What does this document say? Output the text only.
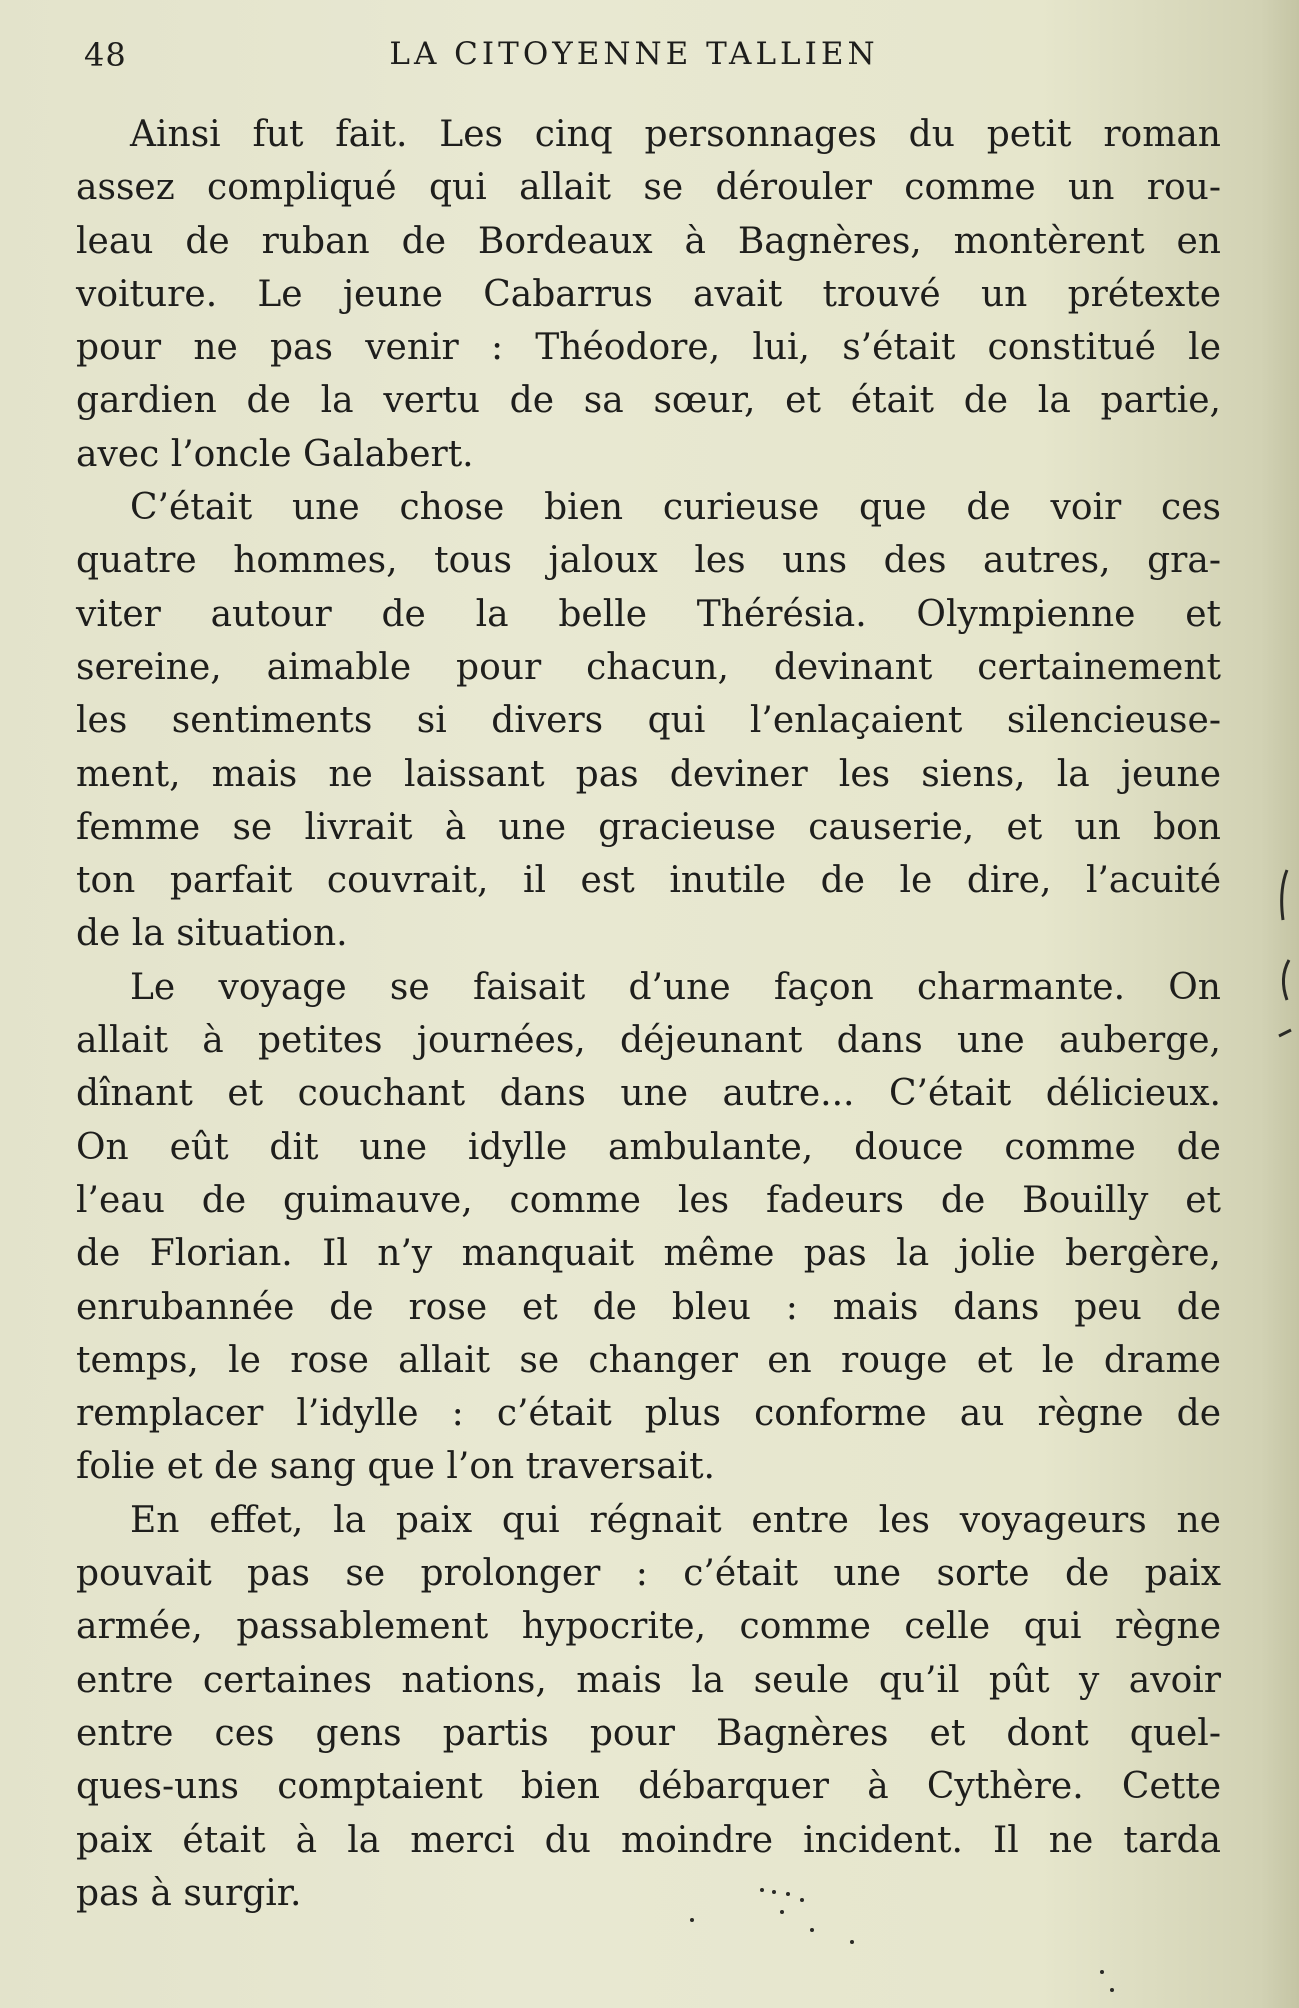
48	LA CITOYENNE TALLIEN

Ainsi fut fait. Les cinq personnages du petit roman
assez compliqué qui allait se dérouler comme un rou-
leau de ruban de Bordeaux à Bagnères, montèrent en
voiture. Le jeune Cabarrus avait trouvé un prétexte
pour ne pas venir : Théodore, lui, s’était constitué le
gardien de la vertu de sa sœur, et était de la partie,
avec l’oncle Galabert.

C’était une chose bien curieuse que de voir ces
quatre hommes, tous jaloux les uns des autres, gra-
viter autour de la belle Thérésia. Olympienne et
sereine, aimable pour chacun, devinant certainement
les sentiments si divers qui l’enlaçaient silencieuse-
ment, mais ne laissant pas deviner les siens, la jeune
femme se livrait à une gracieuse causerie, et un bon
ton parfait couvrait, il est inutile de le dire, l’acuité
de la situation.

Le voyage se faisait d’une façon charmante. On
allait à petites journées, déjeunant dans une auberge,
dînant et couchant dans une autre... C’était délicieux.
On eût dit une idylle ambulante, douce comme de
l’eau de guimauve, comme les fadeurs de Bouilly et
de Florian. Il n’y manquait même pas la jolie bergère,
enrubannée de rose et de bleu : mais dans peu de
temps, le rose allait se changer en rouge et le drame
remplacer l’idylle : c’était plus conforme au règne de
folie et de sang que l’on traversait.

En effet, la paix qui régnait entre les voyageurs ne
pouvait pas se prolonger : c’était une sorte de paix
armée, passablement hypocrite, comme celle qui règne
entre certaines nations, mais la seule qu’il pût y avoir
entre ces gens partis pour Bagnères et dont quel-
ques-uns comptaient bien débarquer à Cythère. Cette
paix était à la merci du moindre incident. Il ne tarda
pas à surgir.
